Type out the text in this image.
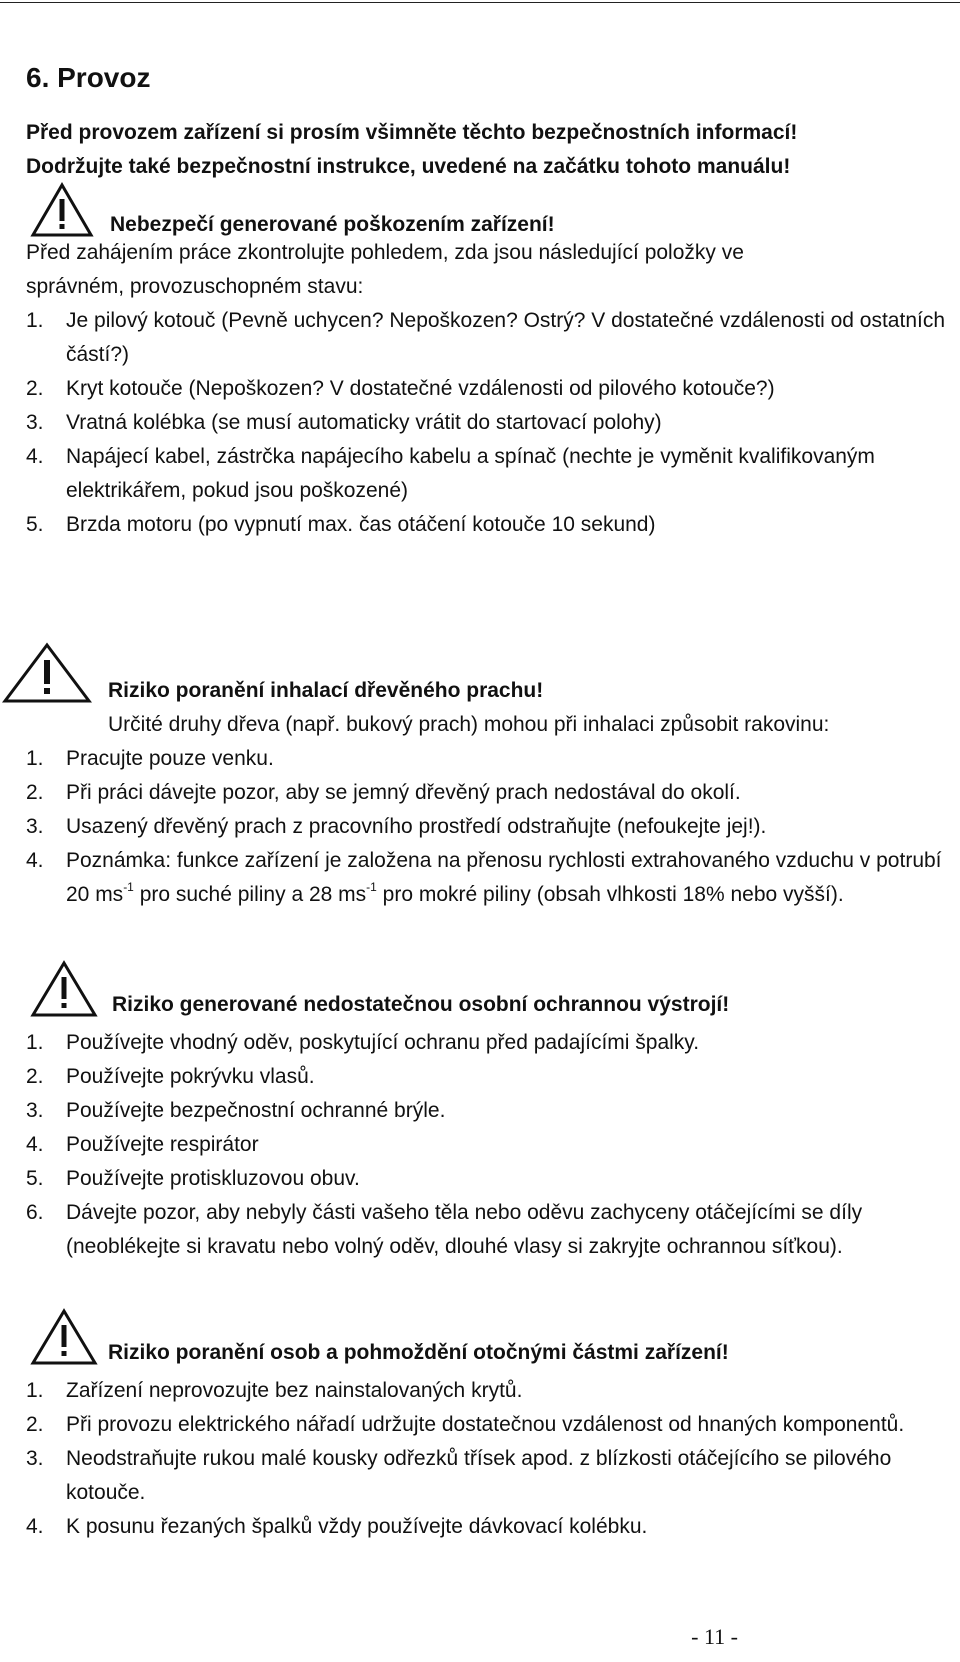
6. Provoz
Před provozem zařízení si prosím všimněte těchto bezpečnostních informací!
Dodržujte také bezpečnostní instrukce, uvedené na začátku tohoto manuálu!
Nebezpečí generované poškozením zařízení!
Před zahájením práce zkontrolujte pohledem, zda jsou následující položky ve
správném, provozuschopném stavu:
1. Je pilový kotouč (Pevně uchycen? Nepoškozen? Ostrý? V dostatečné vzdálenosti od ostatních částí?)
2. Kryt kotouče (Nepoškozen? V dostatečné vzdálenosti od pilového kotouče?)
3. Vratná kolébka (se musí automaticky vrátit do startovací polohy)
4. Napájecí kabel, zástrčka napájecího kabelu a spínač (nechte je vyměnit kvalifikovaným elektrikářem, pokud jsou poškozené)
5. Brzda motoru (po vypnutí max. čas otáčení kotouče 10 sekund)
Riziko poranění inhalací dřevěného prachu!
Určité druhy dřeva (např. bukový prach) mohou při inhalaci způsobit rakovinu:
1. Pracujte pouze venku.
2. Při práci dávejte pozor, aby se jemný dřevěný prach nedostával do okolí.
3. Usazený dřevěný prach z pracovního prostředí odstraňujte (nefoukejte jej!).
4. Poznámka: funkce zařízení je založena na přenosu rychlosti extrahovaného vzduchu v potrubí 20 $ms^{-1}$ pro suché piliny a 28 $ms^{-1}$ pro mokré piliny (obsah vlhkosti 18% nebo vyšší).
Riziko generované nedostatečnou osobní ochrannou výstrojí!
1. Používejte vhodný oděv, poskytující ochranu před padajícími špalky.
2. Používejte pokrývku vlasů.
3. Používejte bezpečnostní ochranné brýle.
4. Používejte respirátor
5. Používejte protiskluzovou obuv.
6. Dávejte pozor, aby nebyly části vašeho těla nebo oděvu zachyceny otáčejícími se díly (neoblékejte si kravatu nebo volný oděv, dlouhé vlasy si zakryjte ochrannou síťkou).
Riziko poranění osob a pohmoždění otočnými částmi zařízení!
1. Zařízení neprovozujte bez nainstalovaných krytů.
2. Při provozu elektrického nářadí udržujte dostatečnou vzdálenost od hnaných komponentů.
3. Neodstraňujte rukou malé kousky odřezků třísek apod. z blízkosti otáčejícího se pilového kotouče.
4. K posunu řezaných špalků vždy používejte dávkovací kolébku.
- 11 -
